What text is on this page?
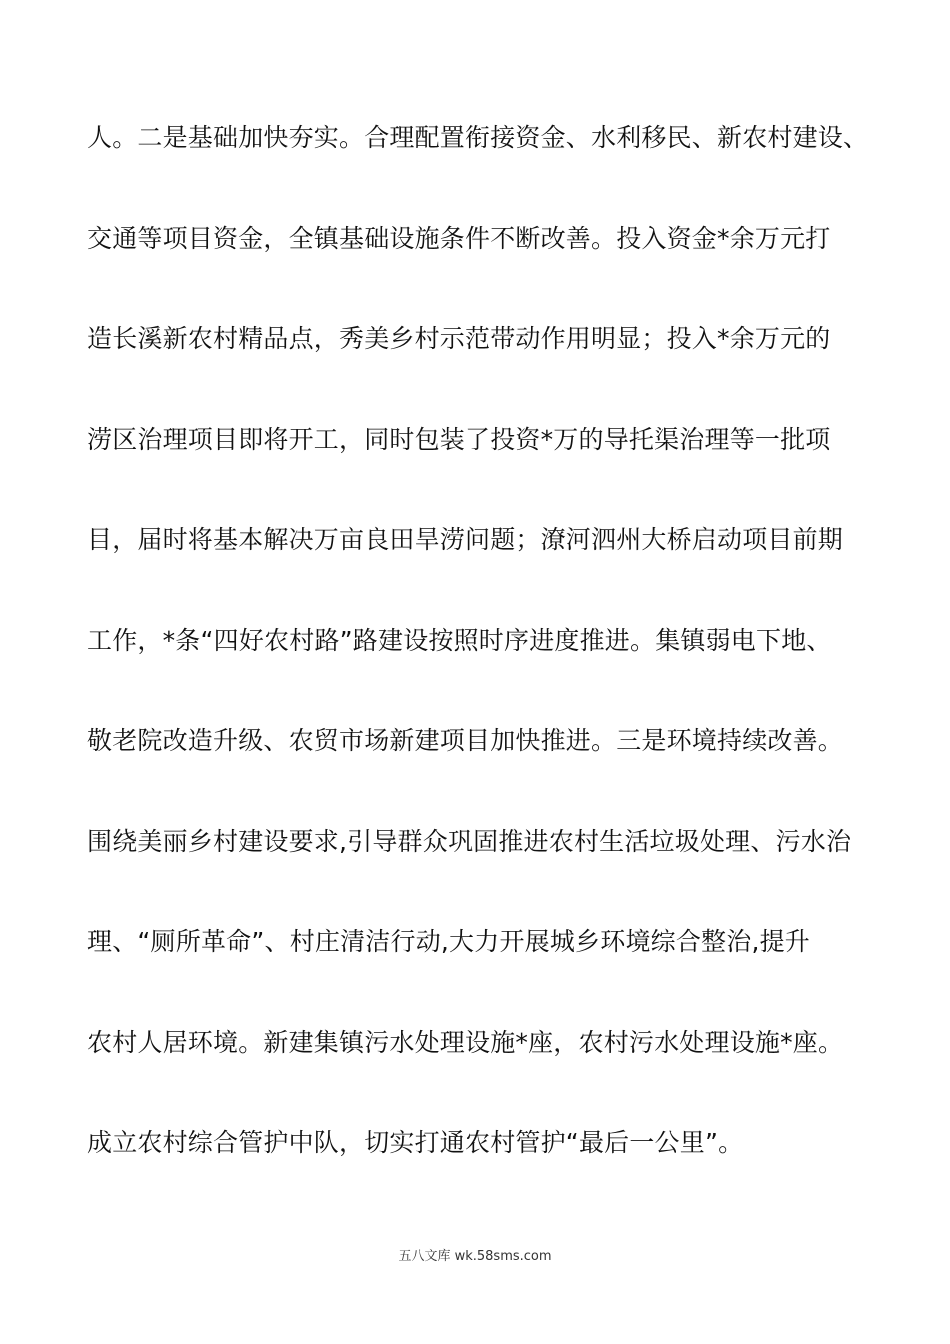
人。二是基础加快夯实。合理配置衔接资金、水利移民、新农村建设、
交通等项目资金，全镇基础设施条件不断改善。投入资金*余万元打
造长溪新农村精品点，秀美乡村示范带动作用明显；投入*余万元的
涝区治理项目即将开工，同时包装了投资*万的导托渠治理等一批项
目，届时将基本解决万亩良田旱涝问题；潦河泗州大桥启动项目前期
工作，*条“四好农村路”路建设按照时序进度推进。集镇弱电下地、
敬老院改造升级、农贸市场新建项目加快推进。三是环境持续改善。
围绕美丽乡村建设要求,引导群众巩固推进农村生活垃圾处理、污水治
理、“厕所革命”、村庄清洁行动,大力开展城乡环境综合整治,提升
农村人居环境。新建集镇污水处理设施*座，农村污水处理设施*座。
成立农村综合管护中队，切实打通农村管护“最后一公里”。
五八文库 wk.58sms.com
